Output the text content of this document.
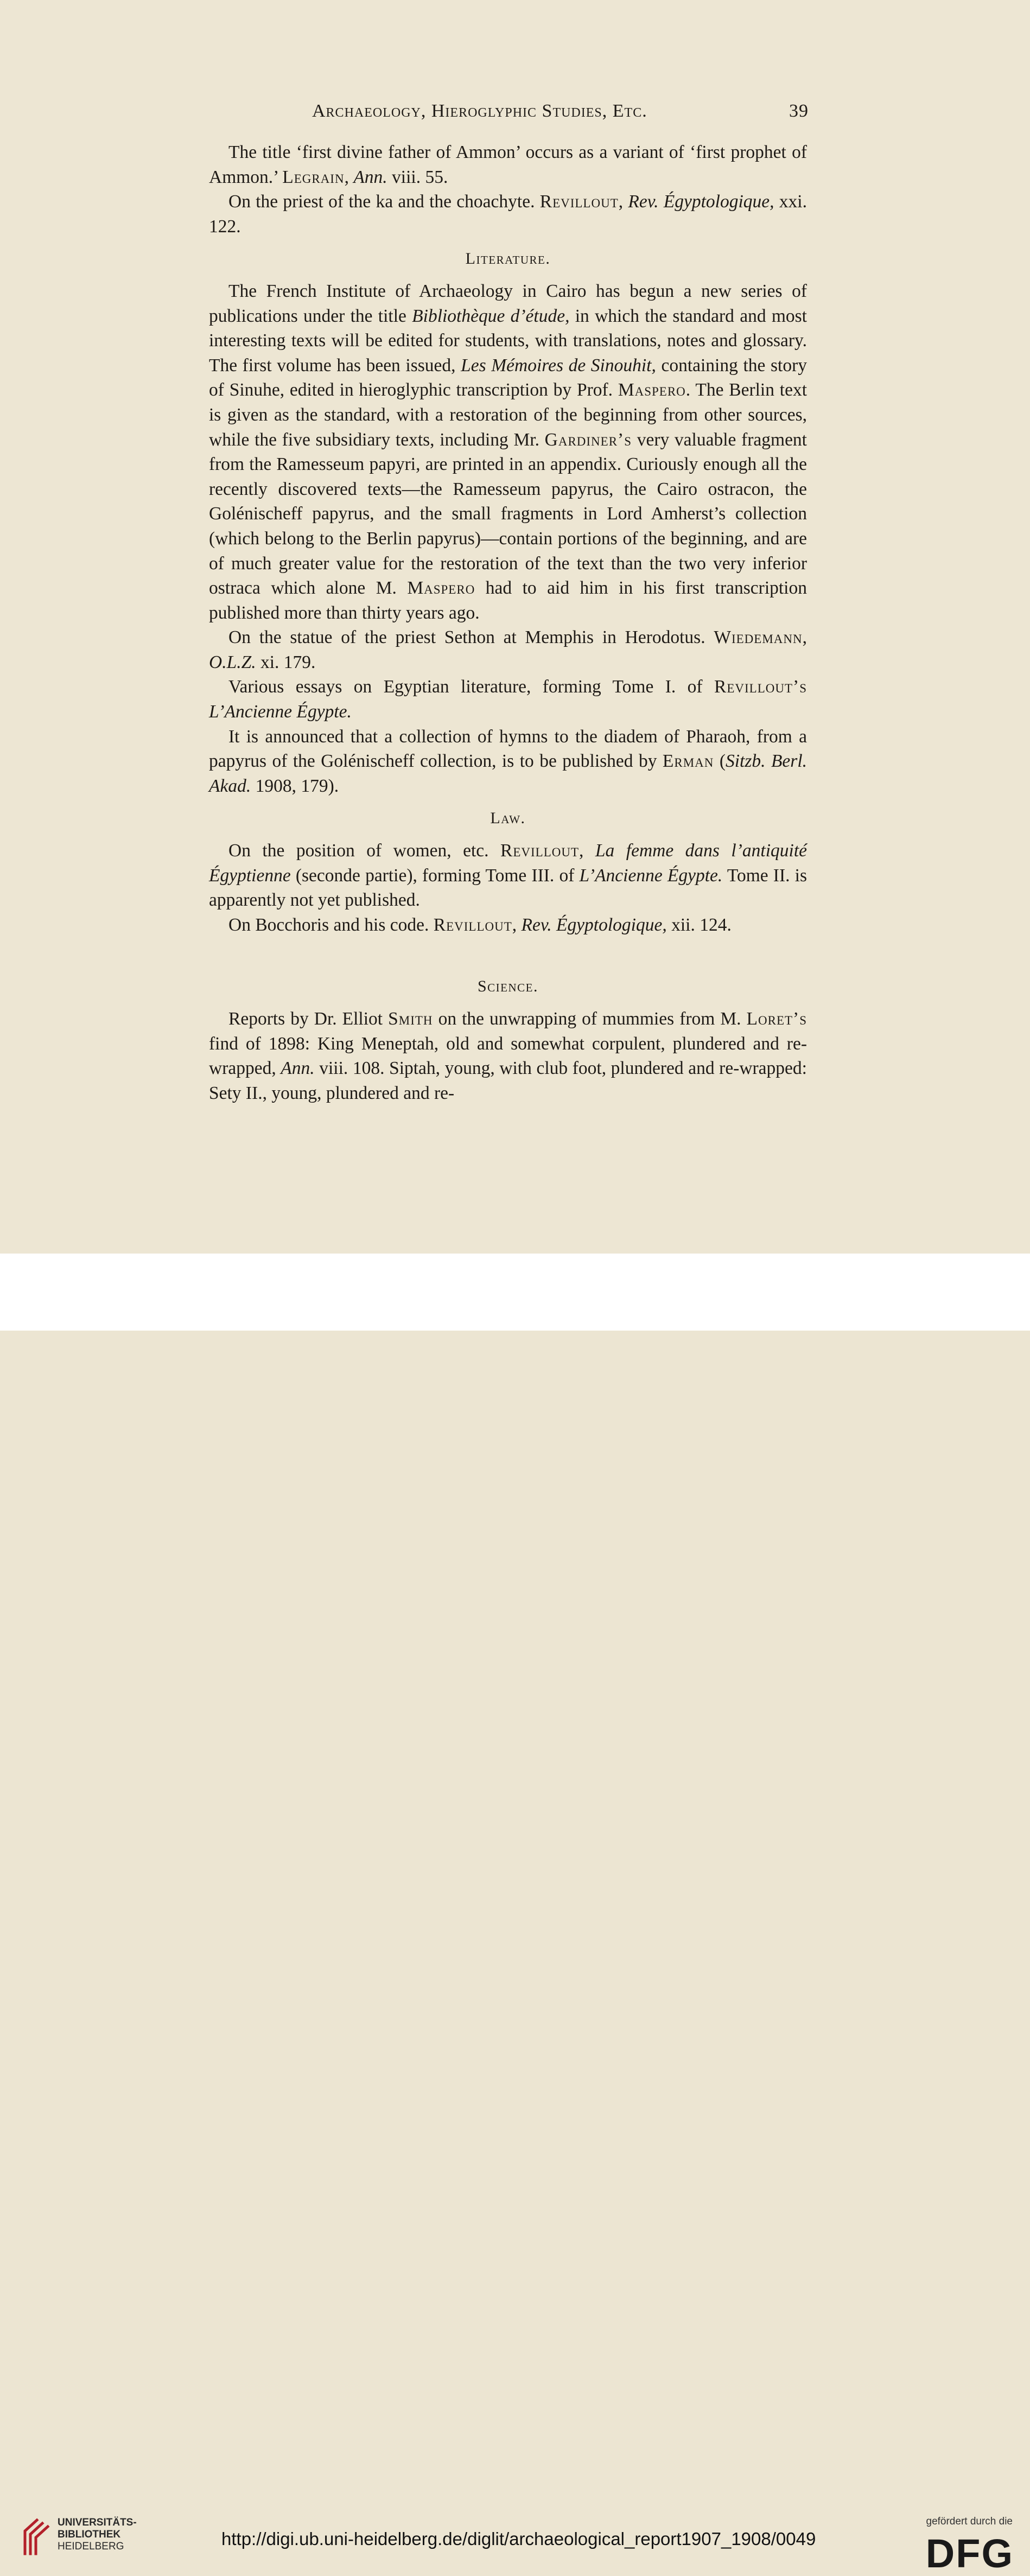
Archaeology, Hieroglyphic Studies, Etc.	39

The title ‘first divine father of Ammon’ occurs as a variant of ‘first prophet of Ammon.’ Legrain, Ann. viii. 55.

On the priest of the ka and the choachyte. Revillout, Rev. Égyptologique, xxi. 122.

Literature.

The French Institute of Archaeology in Cairo has begun a new series of publications under the title Bibliothèque d’étude, in which the standard and most interesting texts will be edited for students, with translations, notes and glossary. The first volume has been issued, Les Mémoires de Sinouhit, containing the story of Sinuhe, edited in hieroglyphic transcription by Prof. Maspero. The Berlin text is given as the standard, with a restoration of the beginning from other sources, while the five subsidiary texts, including Mr. Gardiner’s very valuable fragment from the Ramesseum papyri, are printed in an appendix. Curiously enough all the recently discovered texts—the Ramesseum papyrus, the Cairo ostracon, the Golénischeff papyrus, and the small fragments in Lord Amherst’s collection (which belong to the Berlin papyrus)—contain portions of the beginning, and are of much greater value for the restoration of the text than the two very inferior ostraca which alone M. Maspero had to aid him in his first transcription published more than thirty years ago.

On the statue of the priest Sethon at Memphis in Herodotus. Wiedemann, O.L.Z. xi. 179.

Various essays on Egyptian literature, forming Tome I. of Revillout’s L’Ancienne Égypte.

It is announced that a collection of hymns to the diadem of Pharaoh, from a papyrus of the Golénischeff collection, is to be published by Erman (Sitzb. Berl. Akad. 1908, 179).

Law.

On the position of women, etc. Revillout, La femme dans l’antiquité Égyptienne (seconde partie), forming Tome III. of L’Ancienne Égypte. Tome II. is apparently not yet published.

On Bocchoris and his code. Revillout, Rev. Égyptologique, xii. 124.

Science.

Reports by Dr. Elliot Smith on the unwrapping of mummies from M. Loret’s find of 1898: King Meneptah, old and somewhat corpulent, plundered and re-wrapped, Ann. viii. 108. Siptah, young, with club foot, plundered and re-wrapped: Sety II., young, plundered and re-

UNIVERSITÄTS-
BIBLIOTHEK
HEIDELBERG	http://digi.ub.uni-heidelberg.de/diglit/archaeological_report1907_1908/0049
gefördert durch die
DFG
